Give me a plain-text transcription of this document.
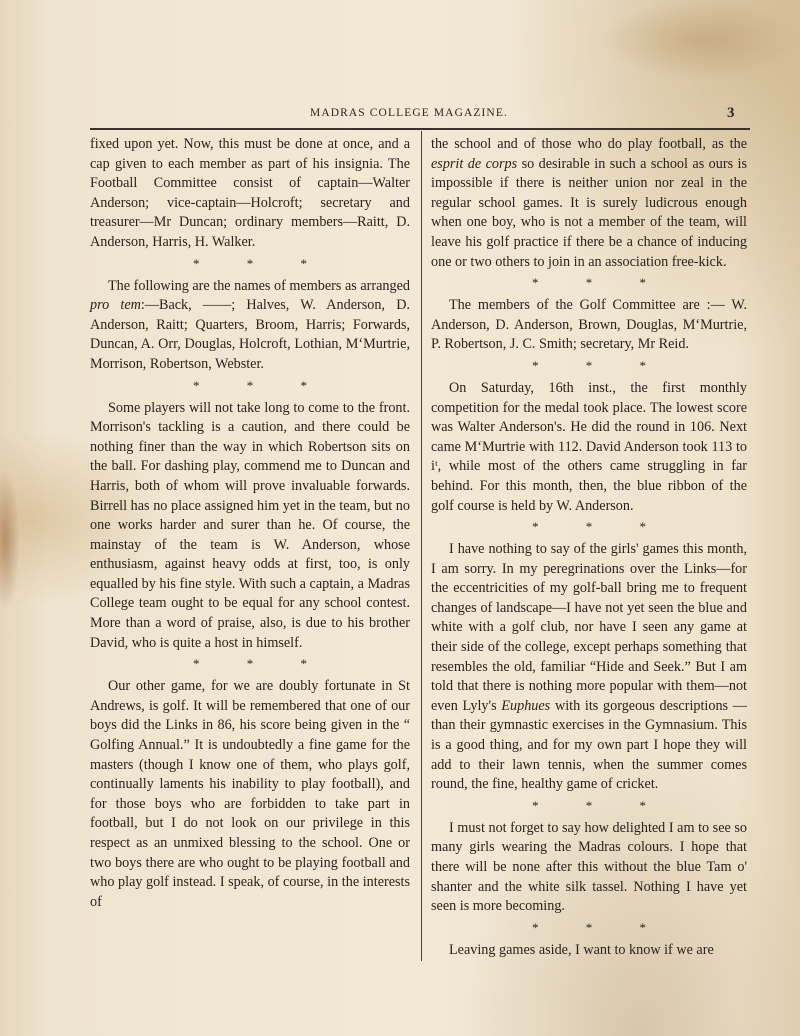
MADRAS COLLEGE MAGAZINE.	3

fixed upon yet. Now, this must be done at once, and a cap given to each member as part of his insignia. The Football Committee consist of captain—Walter Anderson; vice-captain—Holcroft; secretary and treasurer—Mr Duncan; ordinary members—Raitt, D. Anderson, Harris, H. Walker.

* * *

The following are the names of members as arranged pro tem:—Back, ——; Halves, W. Anderson, D. Anderson, Raitt; Quarters, Broom, Harris; Forwards, Duncan, A. Orr, Douglas, Holcroft, Lothian, M‘Murtrie, Morrison, Robertson, Webster.

* * *

Some players will not take long to come to the front. Morrison's tackling is a caution, and there could be nothing finer than the way in which Robertson sits on the ball. For dashing play, commend me to Duncan and Harris, both of whom will prove invaluable forwards. Birrell has no place assigned him yet in the team, but no one works harder and surer than he. Of course, the mainstay of the team is W. Anderson, whose enthusiasm, against heavy odds at first, too, is only equalled by his fine style. With such a captain, a Madras College team ought to be equal for any school contest. More than a word of praise, also, is due to his brother David, who is quite a host in himself.

* * *

Our other game, for we are doubly fortunate in St Andrews, is golf. It will be remembered that one of our boys did the Links in 86, his score being given in the “ Golfing Annual.” It is undoubtedly a fine game for the masters (though I know one of them, who plays golf, continually laments his inability to play football), and for those boys who are forbidden to take part in football, but I do not look on our privilege in this respect as an unmixed blessing to the school. One or two boys there are who ought to be playing football and who play golf instead. I speak, of course, in the interests of

the school and of those who do play football, as the esprit de corps so desirable in such a school as ours is impossible if there is neither union nor zeal in the regular school games. It is surely ludicrous enough when one boy, who is not a member of the team, will leave his golf practice if there be a chance of inducing one or two others to join in an association free-kick.

* * *

The members of the Golf Committee are :— W. Anderson, D. Anderson, Brown, Douglas, M‘Murtrie, P. Robertson, J. C. Smith; secretary, Mr Reid.

* * *

On Saturday, 16th inst., the first monthly competition for the medal took place. The lowest score was Walter Anderson's. He did the round in 106. Next came M‘Murtrie with 112. David Anderson took 113 to iᵗ, while most of the others came struggling in far behind. For this month, then, the blue ribbon of the golf course is held by W. Anderson.

* * *

I have nothing to say of the girls' games this month, I am sorry. In my peregrinations over the Links—for the eccentricities of my golf-ball bring me to frequent changes of landscape—I have not yet seen the blue and white with a golf club, nor have I seen any game at their side of the college, except perhaps something that resembles the old, familiar “Hide and Seek.” But I am told that there is nothing more popular with them—not even Lyly's Euphues with its gorgeous descriptions —than their gymnastic exercises in the Gymnasium. This is a good thing, and for my own part I hope they will add to their lawn tennis, when the summer comes round, the fine, healthy game of cricket.

* * *

I must not forget to say how delighted I am to see so many girls wearing the Madras colours. I hope that there will be none after this without the blue Tam o' shanter and the white silk tassel. Nothing I have yet seen is more becoming.

* * *

Leaving games aside, I want to know if we are
